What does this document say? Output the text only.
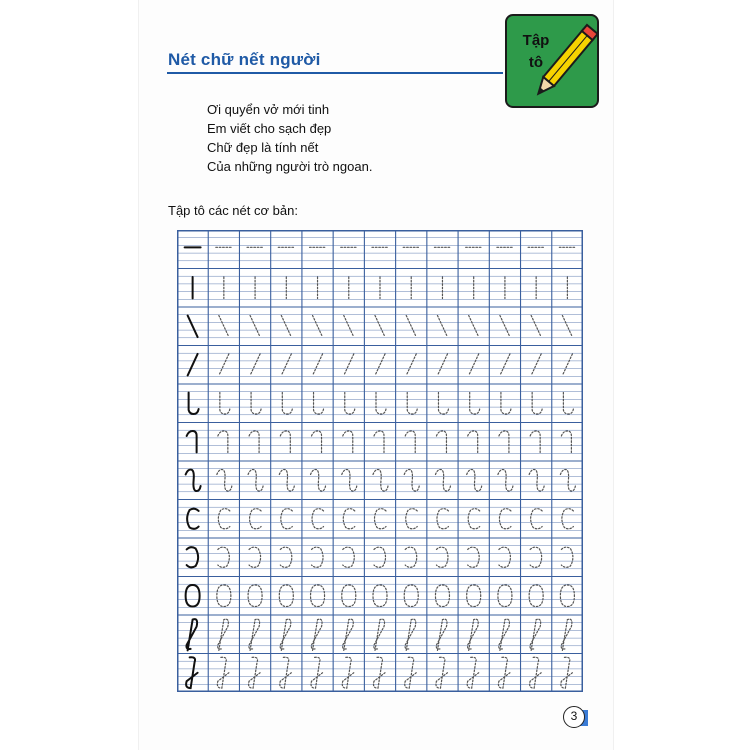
Nét chữ nết người
Tập tô
Ơi quyển vở mới tinh
Em viết cho sạch đẹp
Chữ đẹp là tính nết
Của những người trò ngoan.
Tập tô các nét cơ bản:
3
